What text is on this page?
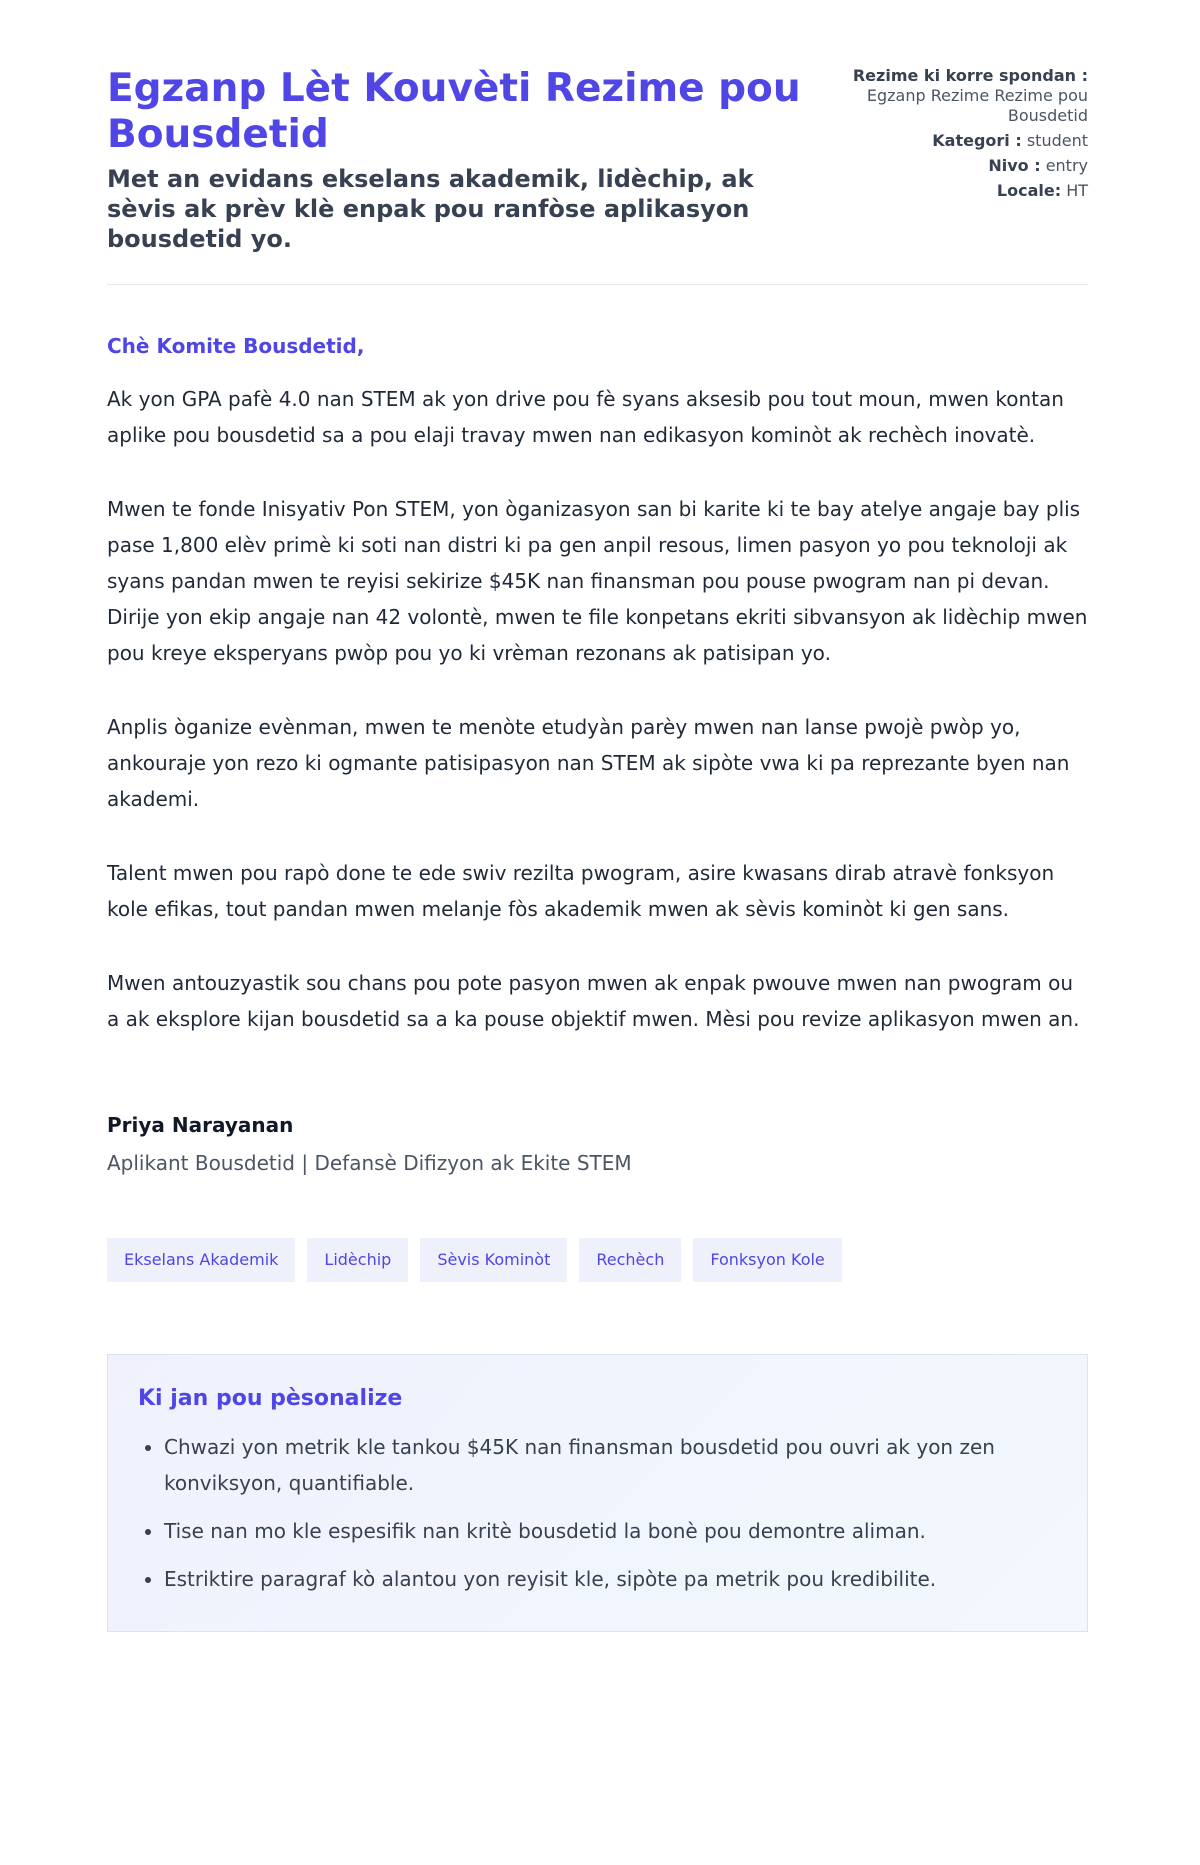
Egzanp Lèt Kouvèti Rezime pou Bousdetid

Met an evidans ekselans akademik, lidèchip, ak sèvis ak prèv klè enpak pou ranfòse aplikasyon bousdetid yo.

Rezime ki korre spondan :
Egzanp Rezime Rezime pou Bousdetid
Kategori : student
Nivo : entry
Locale: HT

Chè Komite Bousdetid,

Ak yon GPA pafè 4.0 nan STEM ak yon drive pou fè syans aksesib pou tout moun, mwen kontan aplike pou bousdetid sa a pou elaji travay mwen nan edikasyon kominòt ak rechèch inovatè.

Mwen te fonde Inisyativ Pon STEM, yon òganizasyon san bi karite ki te bay atelye angaje bay plis pase 1,800 elèv primè ki soti nan distri ki pa gen anpil resous, limen pasyon yo pou teknoloji ak syans pandan mwen te reyisi sekirize $45K nan finansman pou pouse pwogram nan pi devan. Dirije yon ekip angaje nan 42 volontè, mwen te file konpetans ekriti sibvansyon ak lidèchip mwen pou kreye eksperyans pwòp pou yo ki vrèman rezonans ak patisipan yo.

Anplis òganize evènman, mwen te menòte etudyàn parèy mwen nan lanse pwojè pwòp yo, ankouraje yon rezo ki ogmante patisipasyon nan STEM ak sipòte vwa ki pa reprezante byen nan akademi.

Talent mwen pou rapò done te ede swiv rezilta pwogram, asire kwasans dirab atravè fonksyon kole efikas, tout pandan mwen melanje fòs akademik mwen ak sèvis kominòt ki gen sans.

Mwen antouzyastik sou chans pou pote pasyon mwen ak enpak pwouve mwen nan pwogram ou a ak eksplore kijan bousdetid sa a ka pouse objektif mwen. Mèsi pou revize aplikasyon mwen an.

Priya Narayanan

Aplikant Bousdetid | Defansè Difizyon ak Ekite STEM

Ekselans Akademik	Lidèchip	Sèvis Kominòt	Rechèch	Fonksyon Kole
Ki jan pou pèsonalize
• Chwazi yon metrik kle tankou $45K nan finansman bousdetid pou ouvri ak yon zen konviksyon, quantifiable.
• Tise nan mo kle espesifik nan kritè bousdetid la bonè pou demontre aliman.
• Estriktire paragraf kò alantou yon reyisit kle, sipòte pa metrik pou kredibilite.
